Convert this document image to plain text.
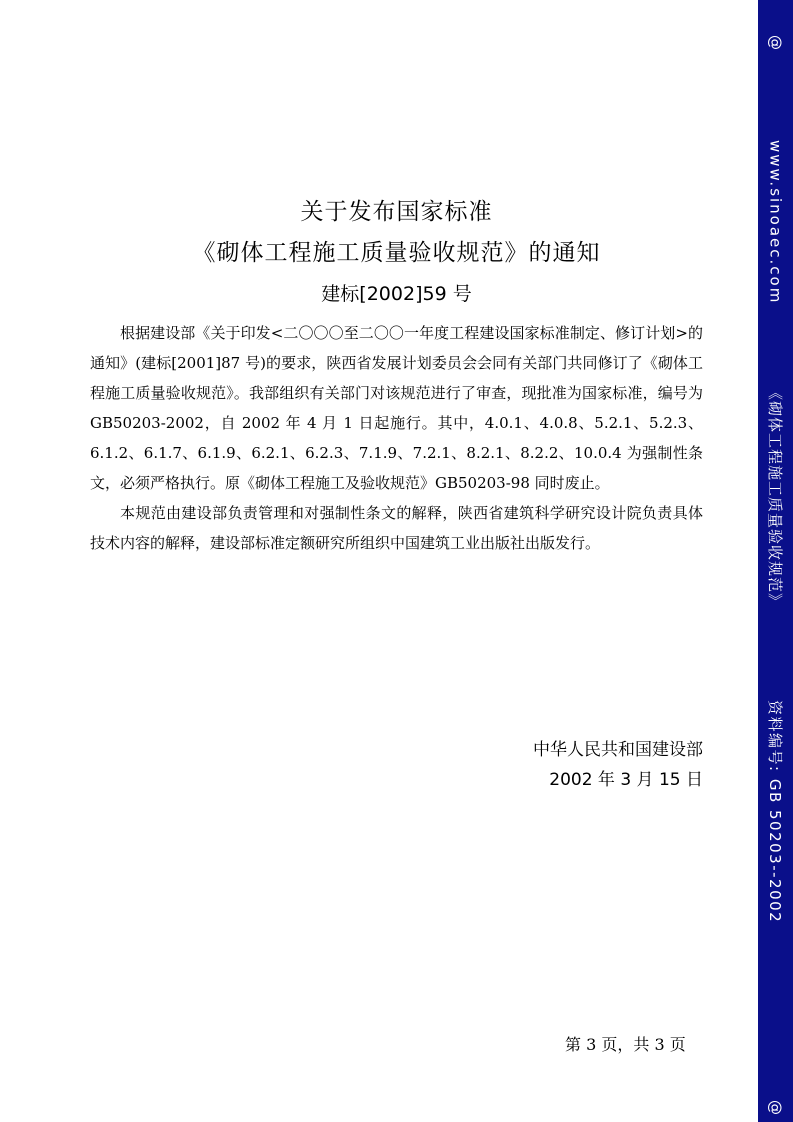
关于发布国家标准
《砌体工程施工质量验收规范》的通知
建标[2002]59 号

根据建设部《关于印发<二〇〇〇至二〇〇一年度工程建设国家标准制定、修订计划>的通知》(建标[2001]87 号)的要求，陕西省发展计划委员会会同有关部门共同修订了《砌体工程施工质量验收规范》。我部组织有关部门对该规范进行了审查，现批准为国家标准，编号为 GB50203-2002，自 2002 年 4 月 1 日起施行。其中，4.0.1、4.0.8、5.2.1、5.2.3、6.1.2、6.1.7、6.1.9、6.2.1、6.2.3、7.1.9、7.2.1、8.2.1、8.2.2、10.0.4 为强制性条文，必须严格执行。原《砌体工程施工及验收规范》GB50203-98 同时废止。

本规范由建设部负责管理和对强制性条文的解释，陕西省建筑科学研究设计院负责具体技术内容的解释，建设部标准定额研究所组织中国建筑工业出版社出版发行。

中华人民共和国建设部
2002 年 3 月 15 日
第 3 页，共 3 页
@
www.sinoaec.com
《砌体工程施工质量验收规范》
资料编号: GB 50203--2002
@
